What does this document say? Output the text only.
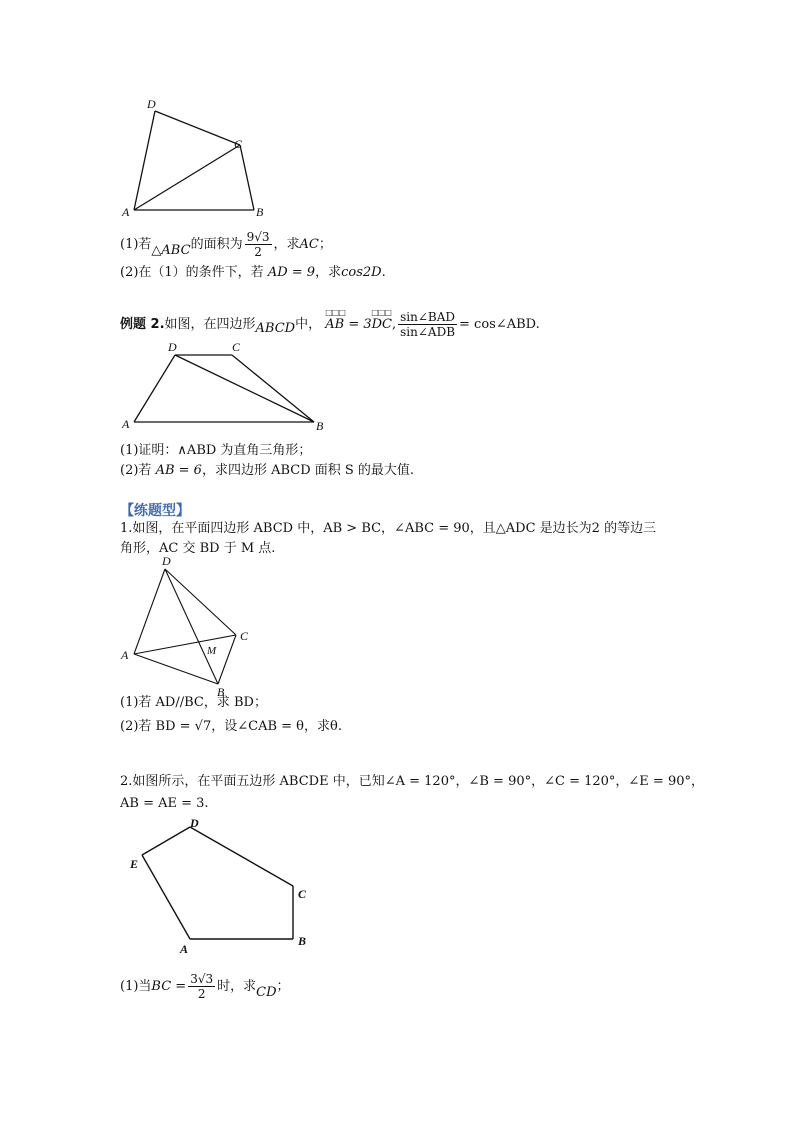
D
C
A	B
(1)若△ABC的面积为 $\frac{9√3}{2}$ ，求AC；
(2)在（1）的条件下，若 AD = 9，求cos2D.
例题 2.如图，在四边形ABCD中，
□□□	□□□
AB = 3DC, $\frac{\text{sin∠BAD}}{\text{sin∠ADB}}$ = cos∠ABD.
D	C
A	B
(1)证明：∧ABD 为直角三角形；
(2)若 AB = 6，求四边形 ABCD 面积 S 的最大值.
【练题型】
1.如图，在平面四边形 ABCD 中，AB > BC，∠ABC = 90，且△ADC 是边长为2 的等边三
角形，AC 交 BD 于 M 点.
D
C
A
B
M
(1)若 AD//BC，求 BD；
(2)若 BD = √7，设∠CAB = θ，求θ.
2.如图所示，在平面五边形 ABCDE 中，已知∠A = 120°，∠B = 90°，∠C = 120°，∠E = 90°，
AB = AE = 3.
D
E
C
A
B
(1)当BC = $\frac{3√3}{2}$ 时，求CD；
